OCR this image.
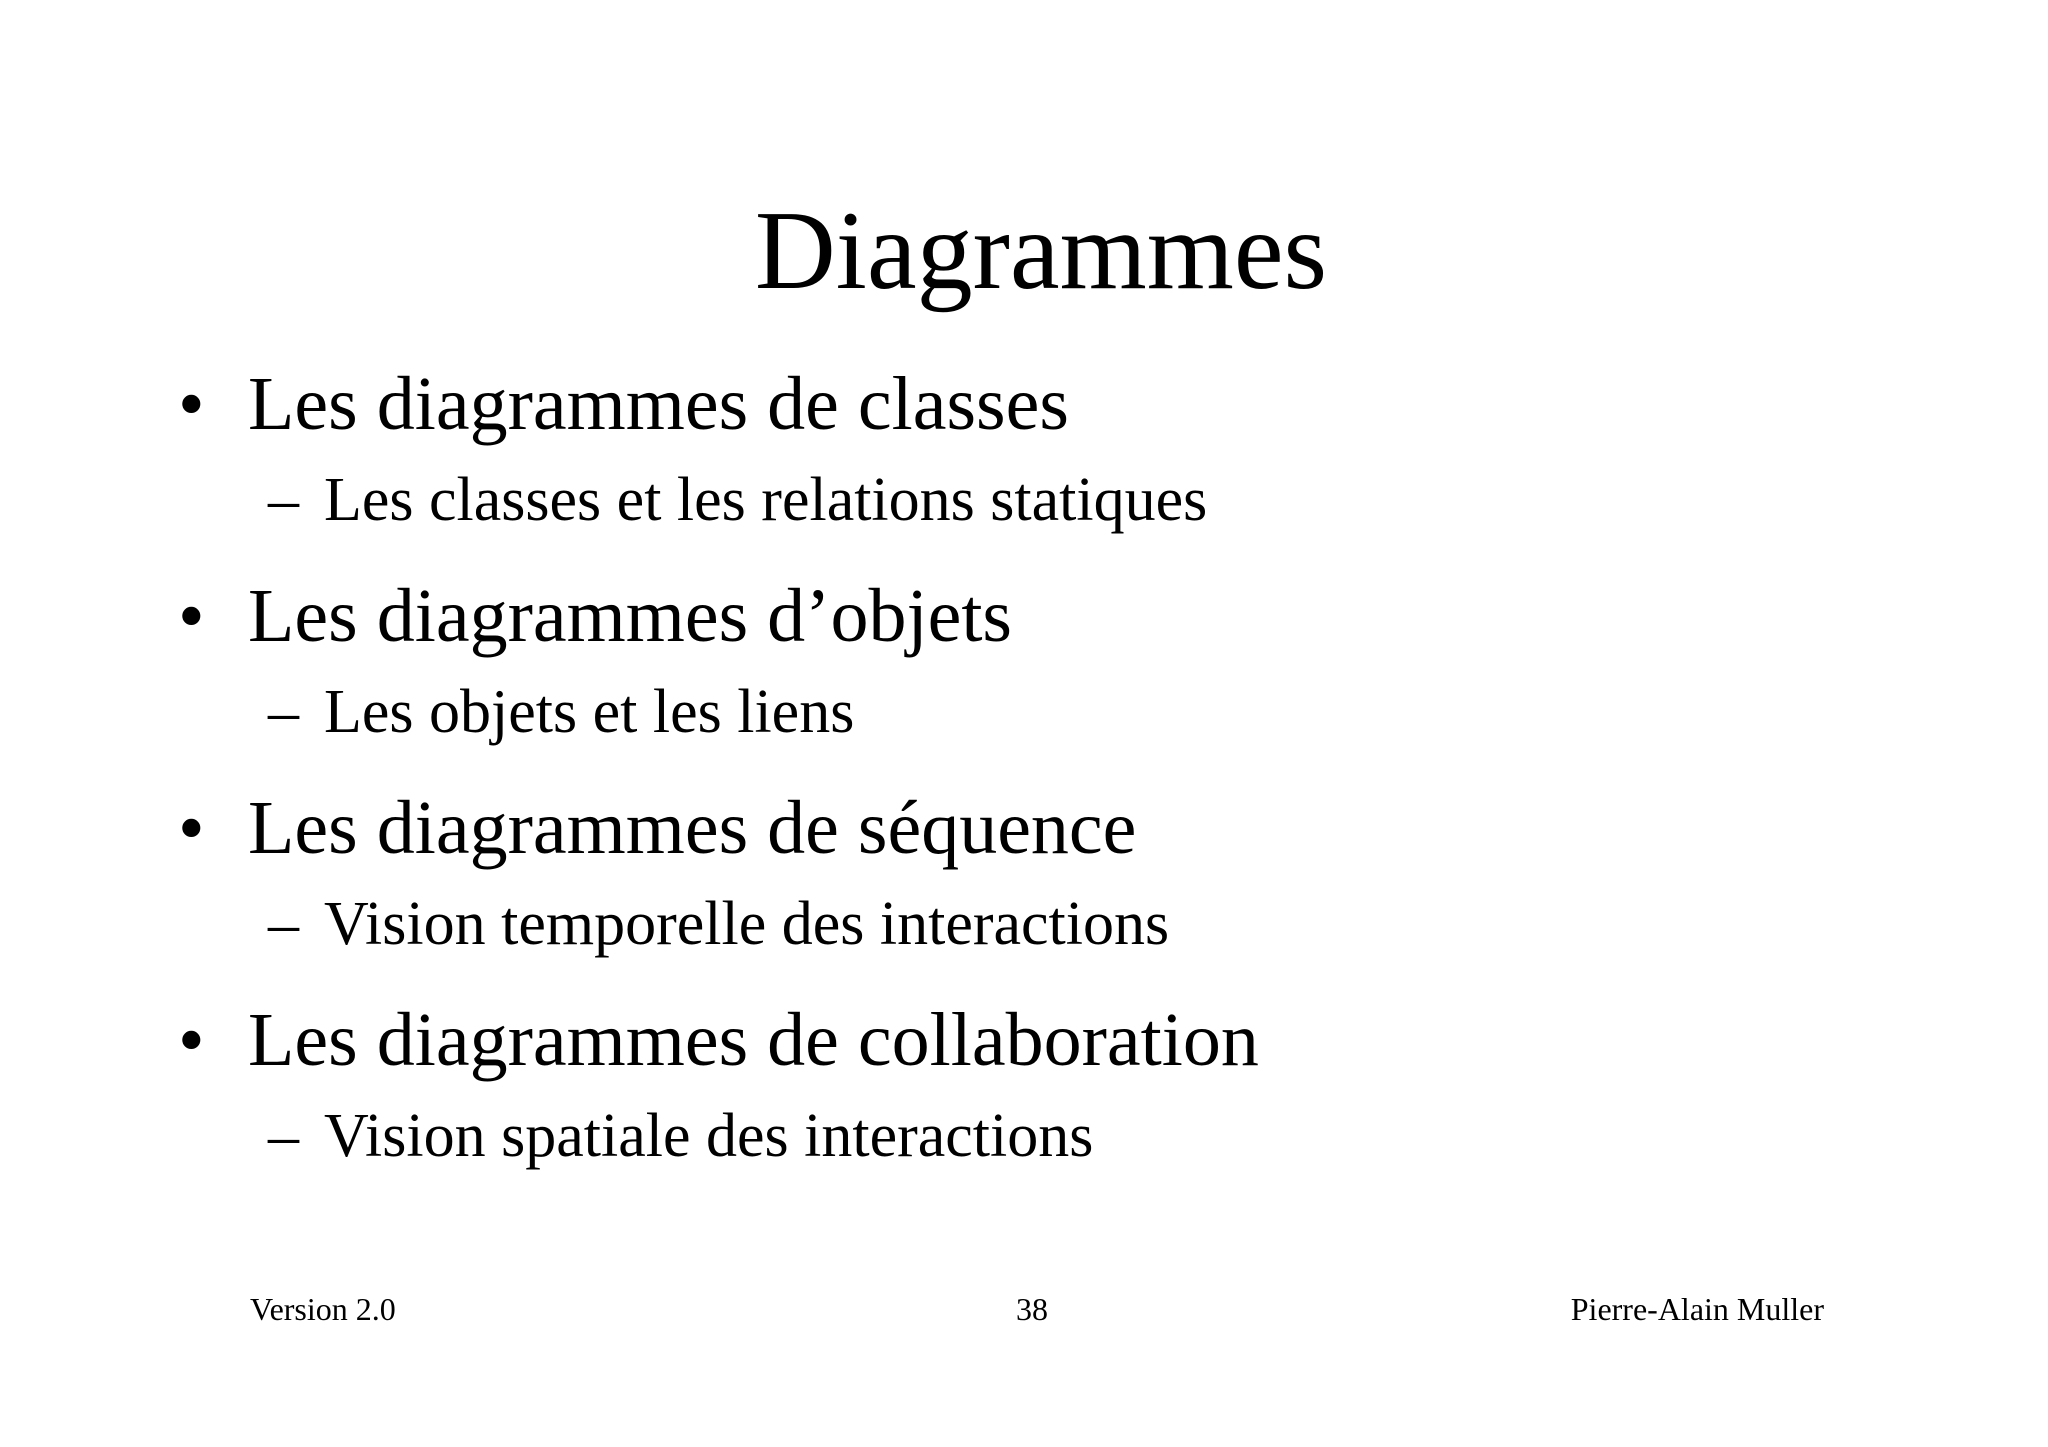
Diagrammes
• Les diagrammes de classes
– Les classes et les relations statiques
• Les diagrammes d’objets
– Les objets et les liens
• Les diagrammes de séquence
– Vision temporelle des interactions
• Les diagrammes de collaboration
– Vision spatiale des interactions
Version 2.0	38	Pierre-Alain Muller
